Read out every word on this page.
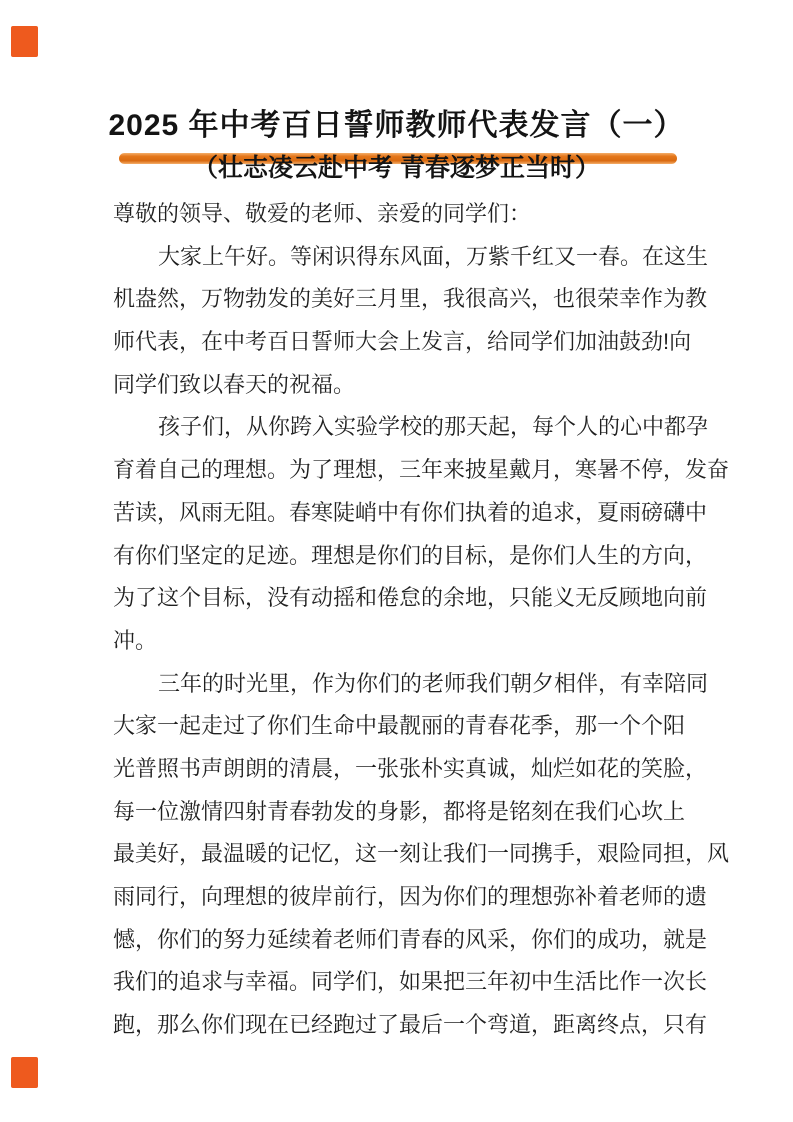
2025 年中考百日誓师教师代表发言（一）
（壮志凌云赴中考 青春逐梦正当时）
尊敬的领导、敬爱的老师、亲爱的同学们：
大家上午好。等闲识得东风面，万紫千红又一春。在这生
机盎然，万物勃发的美好三月里，我很高兴，也很荣幸作为教
师代表，在中考百日誓师大会上发言，给同学们加油鼓劲!向
同学们致以春天的祝福。
孩子们，从你跨入实验学校的那天起，每个人的心中都孕
育着自己的理想。为了理想，三年来披星戴月，寒暑不停，发奋
苦读，风雨无阻。春寒陡峭中有你们执着的追求，夏雨磅礴中
有你们坚定的足迹。理想是你们的目标，是你们人生的方向，
为了这个目标，没有动摇和倦怠的余地，只能义无反顾地向前
冲。
三年的时光里，作为你们的老师我们朝夕相伴，有幸陪同
大家一起走过了你们生命中最靓丽的青春花季，那一个个阳
光普照书声朗朗的清晨，一张张朴实真诚，灿烂如花的笑脸，
每一位激情四射青春勃发的身影，都将是铭刻在我们心坎上
最美好，最温暖的记忆，这一刻让我们一同携手，艰险同担，风
雨同行，向理想的彼岸前行，因为你们的理想弥补着老师的遗
憾，你们的努力延续着老师们青春的风采，你们的成功，就是
我们的追求与幸福。同学们，如果把三年初中生活比作一次长
跑，那么你们现在已经跑过了最后一个弯道，距离终点，只有
